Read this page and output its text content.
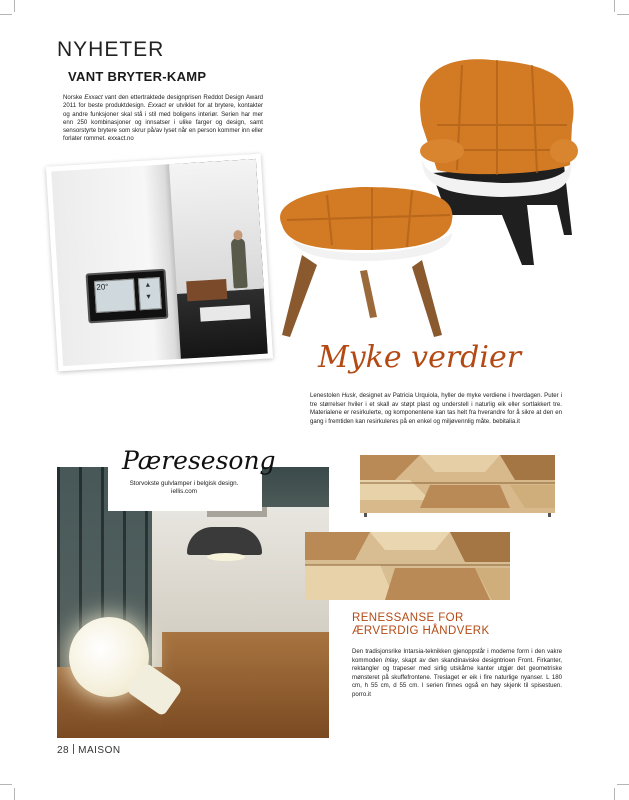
NYHETER
VANT BRYTER-KAMP
Norske Exxact vant den ettertraktede designprisen Reddot Design Award 2011 for beste produktdesign. Exxact er utviklet for at brytere, kontakter og andre funksjoner skal stå i stil med boligens interiør. Serien har mer enn 250 kombinasjoner og innsatser i ulike farger og design, samt sensorstyrte brytere som skrur på/av lyset når en person kommer inn eller forlater rommet. exxact.no
20°	▲
▼
Myke verdier
Lenestolen Husk, designet av Patricia Urquiola, hyller de myke verdiene i hverdagen. Puter i tre størrelser hviler i et skall av støpt plast og understell i naturlig eik eller sortlakkert tre. Materialene er resirkulerte, og komponentene kan tas helt fra hverandre for å sikre at den en gang i fremtiden kan resirkuleres på en enkel og miljøvennlig måte. bebitalia.it
Pæresesong
Storvokste gulvlamper i belgisk design. iellis.com
RENESSANSE FOR
ÆRVERDIG HÅNDVERK
Den tradisjonsrike Intarsia-teknikken gjenoppstår i moderne form i den vakre kommoden Inlay, skapt av den skandinaviske designtrioen Front. Firkanter, rektangler og trapeser med sirlig utskårne kanter utgjør det geometriske mønsteret på skuffefrontene. Treslaget er eik i fire naturlige nyanser. L 180 cm, h 55 cm, d 55 cm. I serien finnes også en høy skjenk til spisestuen. porro.it
28 MAISON
